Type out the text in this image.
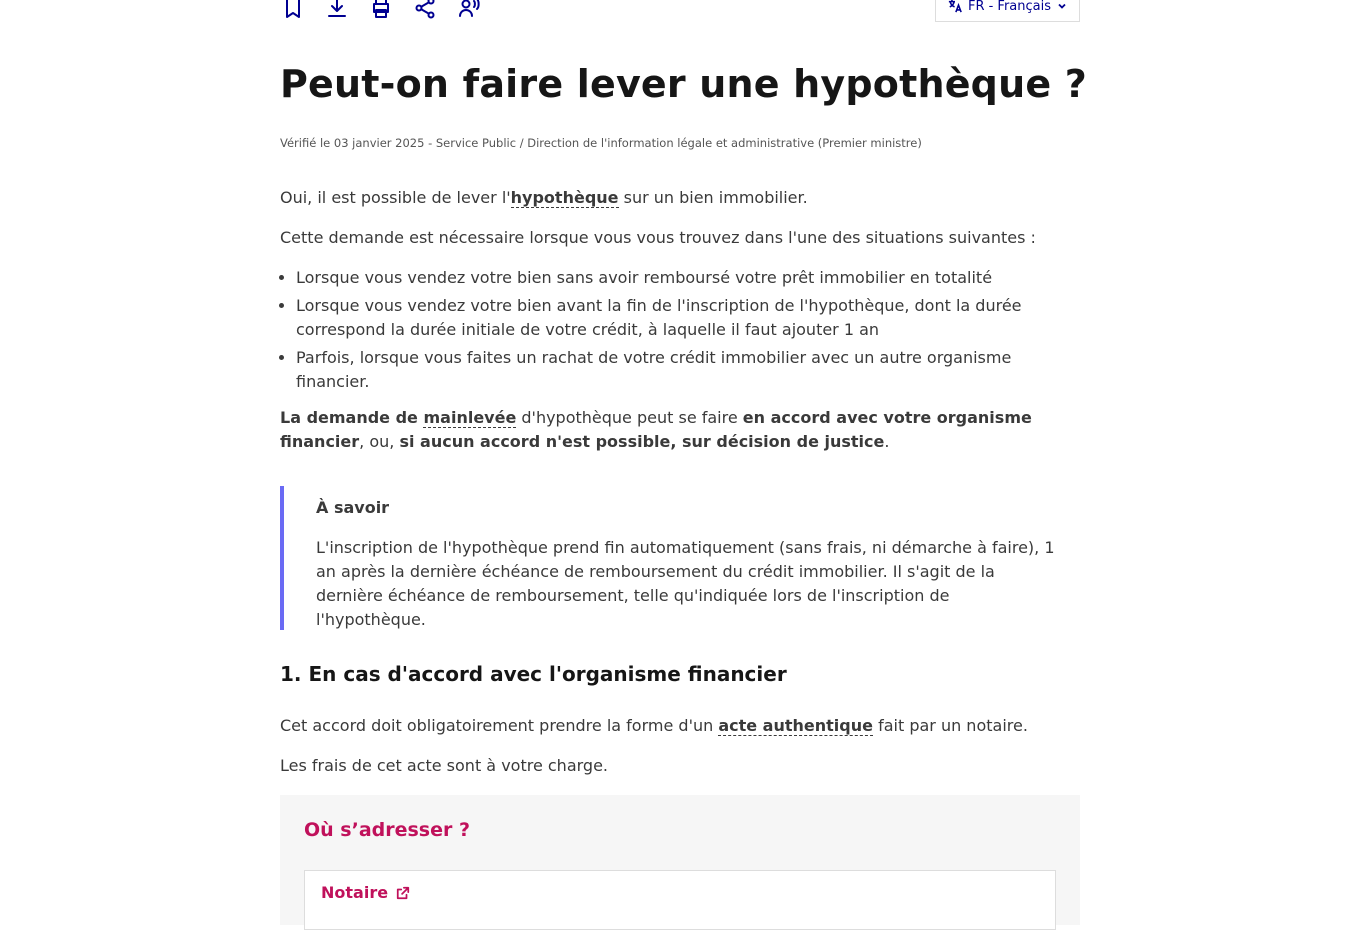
FR - Français
Peut-on faire lever une hypothèque ?
Vérifié le 03 janvier 2025 - Service Public / Direction de l'information légale et administrative (Premier ministre)

Oui, il est possible de lever l'hypothèque sur un bien immobilier.

Cette demande est nécessaire lorsque vous vous trouvez dans l'une des situations suivantes :

• Lorsque vous vendez votre bien sans avoir remboursé votre prêt immobilier en totalité
• Lorsque vous vendez votre bien avant la fin de l'inscription de l'hypothèque, dont la durée correspond la durée initiale de votre crédit, à laquelle il faut ajouter 1 an
• Parfois, lorsque vous faites un rachat de votre crédit immobilier avec un autre organisme financier.

La demande de mainlevée d'hypothèque peut se faire en accord avec votre organisme financier, ou, si aucun accord n'est possible, sur décision de justice.

À savoir

L'inscription de l'hypothèque prend fin automatiquement (sans frais, ni démarche à faire), 1 an après la dernière échéance de remboursement du crédit immobilier. Il s'agit de la dernière échéance de remboursement, telle qu'indiquée lors de l'inscription de l'hypothèque.

1. En cas d'accord avec l'organisme financier

Cet accord doit obligatoirement prendre la forme d'un acte authentique fait par un notaire.

Les frais de cet acte sont à votre charge.

Où s’adresser ?

Notaire
